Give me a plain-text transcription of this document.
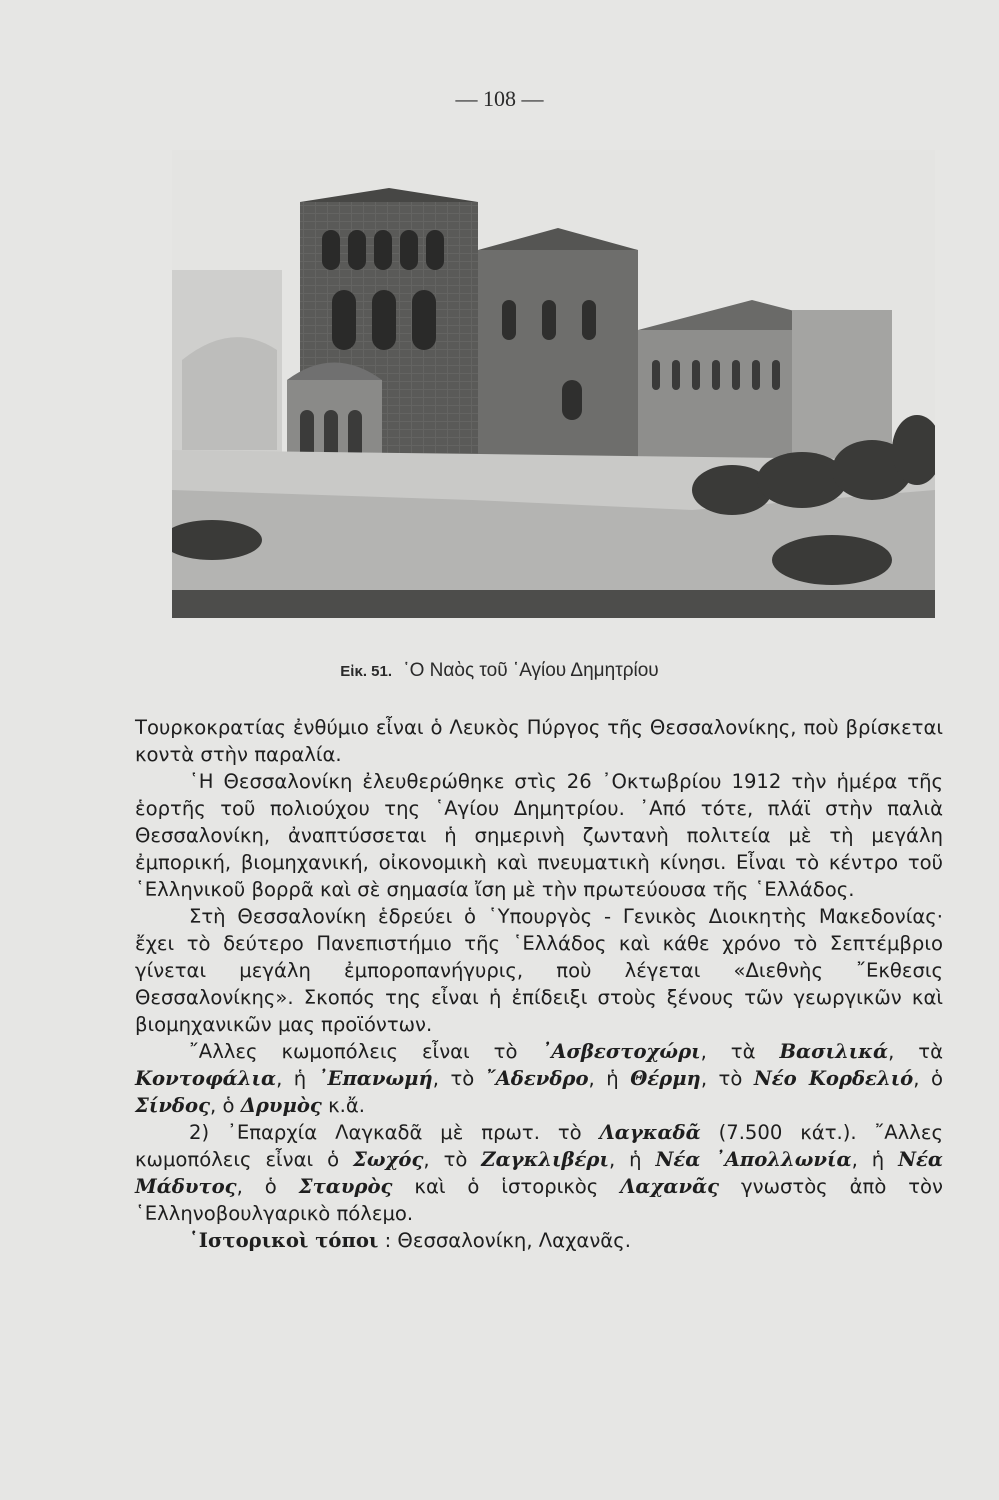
— 108 —
Εἰκ. 51. ῾Ο Ναὸς τοῦ ῾Αγίου Δημητρίου

Τουρκοκρατίας ἐνθύμιο εἶναι ὁ Λευκὸς Πύργος τῆς Θεσσαλονίκης, ποὺ βρίσκεται κοντὰ στὴν παραλία.

῾Η Θεσσαλονίκη ἐλευθερώθηκε στὶς 26 ᾿Οκτωβρίου 1912 τὴν ἡμέρα τῆς ἑορτῆς τοῦ πολιούχου της ῾Αγίου Δημητρίου. ᾿Από τότε, πλάϊ στὴν παλιὰ Θεσσαλονίκη, ἀναπτύσσεται ἡ σημερινὴ ζωντανὴ πολιτεία μὲ τὴ μεγάλη ἐμπορική, βιομηχανική, οἰκονομικὴ καὶ πνευματικὴ κίνησι. Εἶναι τὸ κέντρο τοῦ ῾Ελληνικοῦ βορρᾶ καὶ σὲ σημασία ἴση μὲ τὴν πρωτεύουσα τῆς ῾Ελλάδος.

Στὴ Θεσσαλονίκη ἑδρεύει ὁ ῾Υπουργὸς - Γενικὸς Διοικητὴς Μακεδονίας· ἔχει τὸ δεύτερο Πανεπιστήμιο τῆς ῾Ελλάδος καὶ κάθε χρόνο τὸ Σεπτέμβριο γίνεται μεγάλη ἐμποροπανήγυρις, ποὺ λέγεται «Διεθνὴς ῎Εκθεσις Θεσσαλονίκης». Σκοπός της εἶναι ἡ ἐπίδειξι στοὺς ξένους τῶν γεωργικῶν καὶ βιομηχανικῶν μας προϊόντων.

῎Αλλες κωμοπόλεις εἶναι τὸ ᾿Ασβεστοχώρι, τὰ Βασιλικά, τὰ Κοντοφάλια, ἡ ᾿Επανωμή, τὸ ῎Αδενδρο, ἡ Θέρμη, τὸ Νέο Κορδελιό, ὁ Σίνδος, ὁ Δρυμὸς κ.ἄ.

2) ᾿Επαρχία Λαγκαδᾶ μὲ πρωτ. τὸ Λαγκαδᾶ (7.500 κάτ.). ῎Αλλες κωμοπόλεις εἶναι ὁ Σωχός, τὸ Ζαγκλιβέρι, ἡ Νέα ᾿Απολλωνία, ἡ Νέα Μάδυτος, ὁ Σταυρὸς καὶ ὁ ἱστορικὸς Λαχανᾶς γνωστὸς ἀπὸ τὸν ῾Ελληνοβουλγαρικὸ πόλεμο.

῾Ιστορικοὶ τόποι : Θεσσαλονίκη, Λαχανᾶς.
